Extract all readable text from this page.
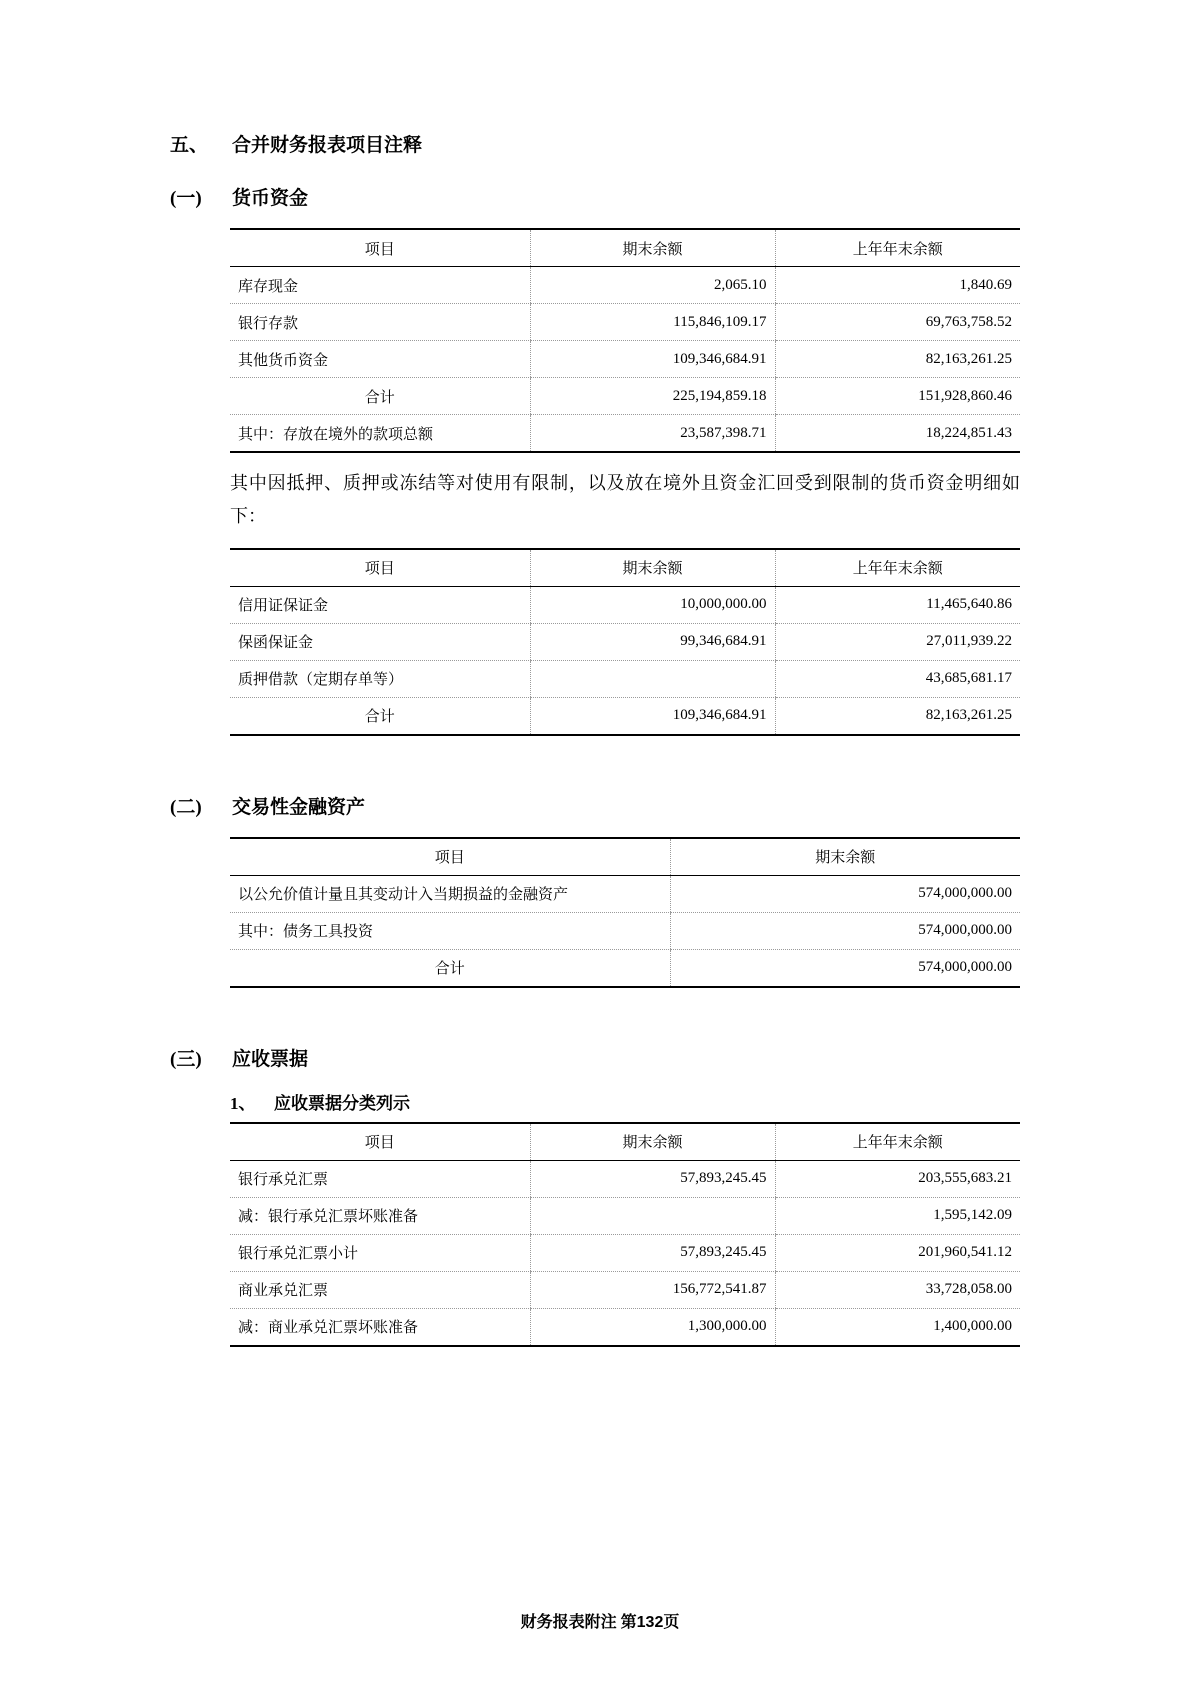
五、	合并财务报表项目注释
(一)	货币资金
项目	期末余额	上年年末余额
库存现金	2,065.10	1,840.69
银行存款	115,846,109.17	69,763,758.52
其他货币资金	109,346,684.91	82,163,261.25
合计	225,194,859.18	151,928,860.46
其中：存放在境外的款项总额	23,587,398.71	18,224,851.43

其中因抵押、质押或冻结等对使用有限制，以及放在境外且资金汇回受到限制的货币资金明细如下：

项目	期末余额	上年年末余额
信用证保证金	10,000,000.00	11,465,640.86
保函保证金	99,346,684.91	27,011,939.22
质押借款（定期存单等）		43,685,681.17
合计	109,346,684.91	82,163,261.25
(二)	交易性金融资产
项目	期末余额
以公允价值计量且其变动计入当期损益的金融资产	574,000,000.00
其中：债务工具投资	574,000,000.00
合计	574,000,000.00
(三)	应收票据
1、	应收票据分类列示
项目	期末余额	上年年末余额
银行承兑汇票	57,893,245.45	203,555,683.21
减：银行承兑汇票坏账准备		1,595,142.09
银行承兑汇票小计	57,893,245.45	201,960,541.12
商业承兑汇票	156,772,541.87	33,728,058.00
减：商业承兑汇票坏账准备	1,300,000.00	1,400,000.00
财务报表附注 第132页
